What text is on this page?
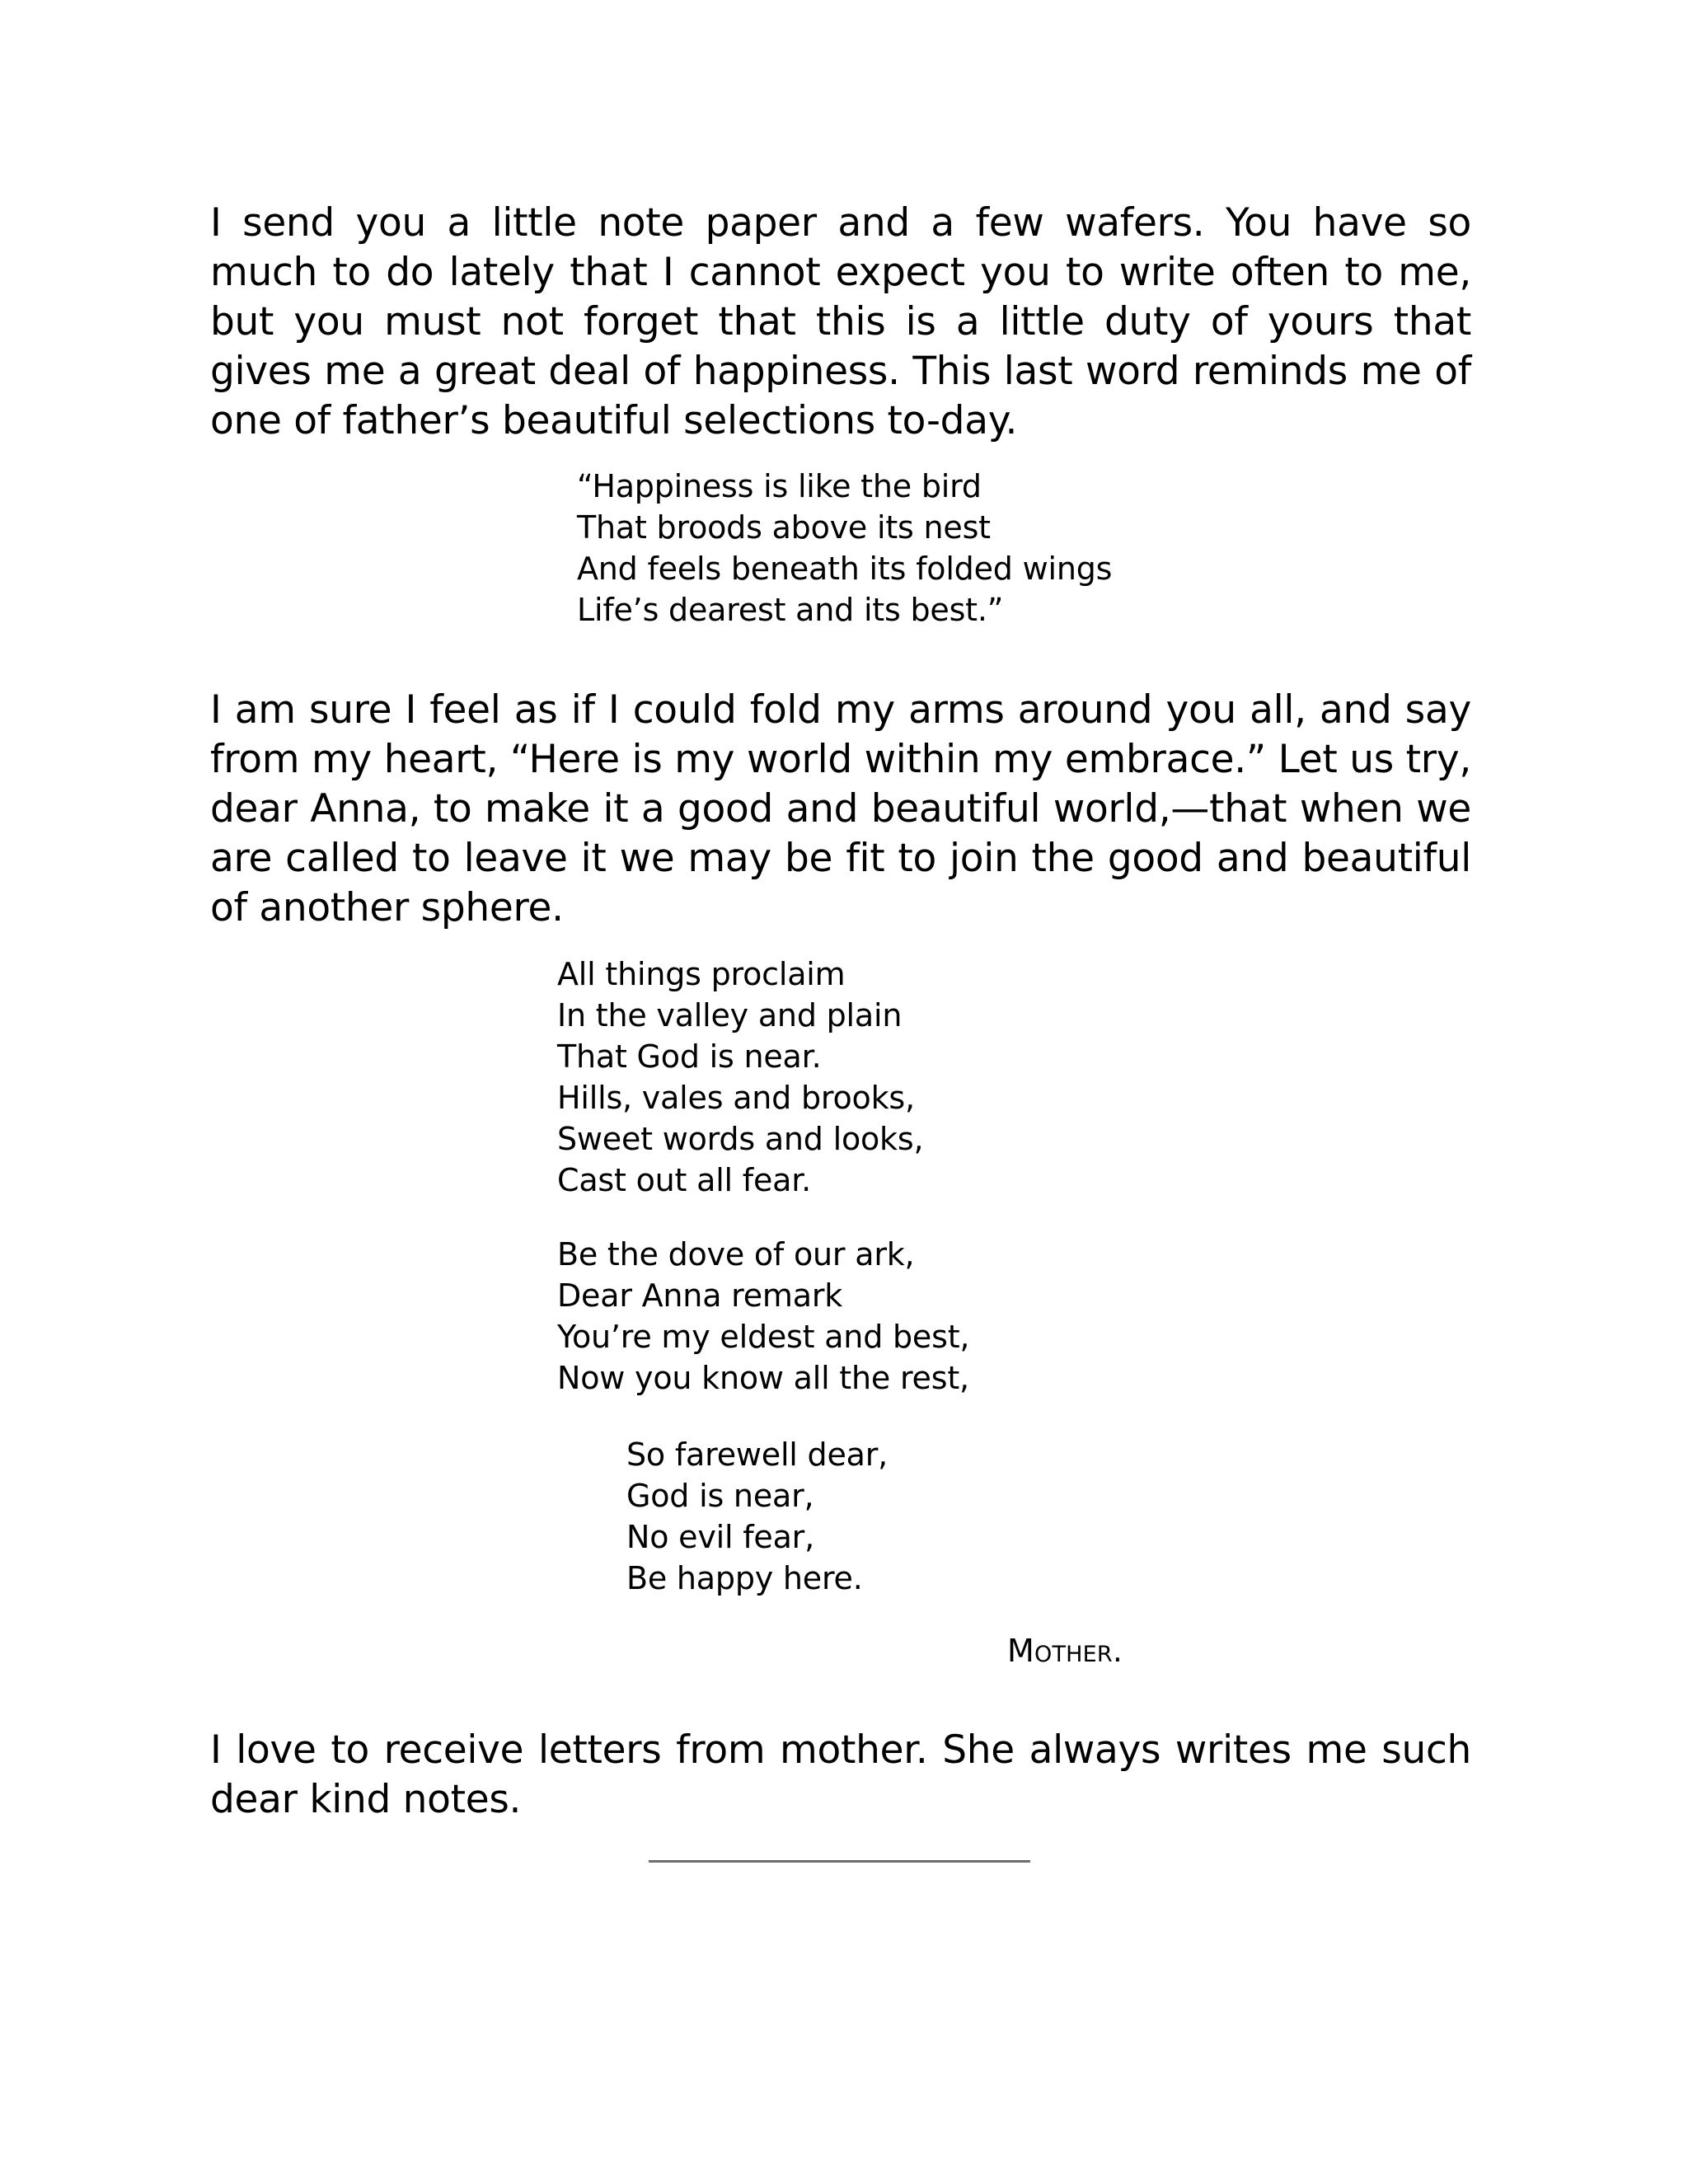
I send you a little note paper and a few wafers. You have so much to do lately that I cannot expect you to write often to me, but you must not forget that this is a little duty of yours that gives me a great deal of happiness. This last word reminds me of one of father’s beautiful selections to-day.

“Happiness is like the bird
That broods above its nest
And feels beneath its folded wings
Life’s dearest and its best.”

I am sure I feel as if I could fold my arms around you all, and say from my heart, “Here is my world within my embrace.” Let us try, dear Anna, to make it a good and beautiful world,—that when we are called to leave it we may be fit to join the good and beautiful of another sphere.

All things proclaim
In the valley and plain
That God is near.
Hills, vales and brooks,
Sweet words and looks,
Cast out all fear.
Be the dove of our ark,
Dear Anna remark
You’re my eldest and best,
Now you know all the rest,
So farewell dear,
God is near,
No evil fear,
Be happy here.
Mother.

I love to receive letters from mother. She always writes me such dear kind notes.
